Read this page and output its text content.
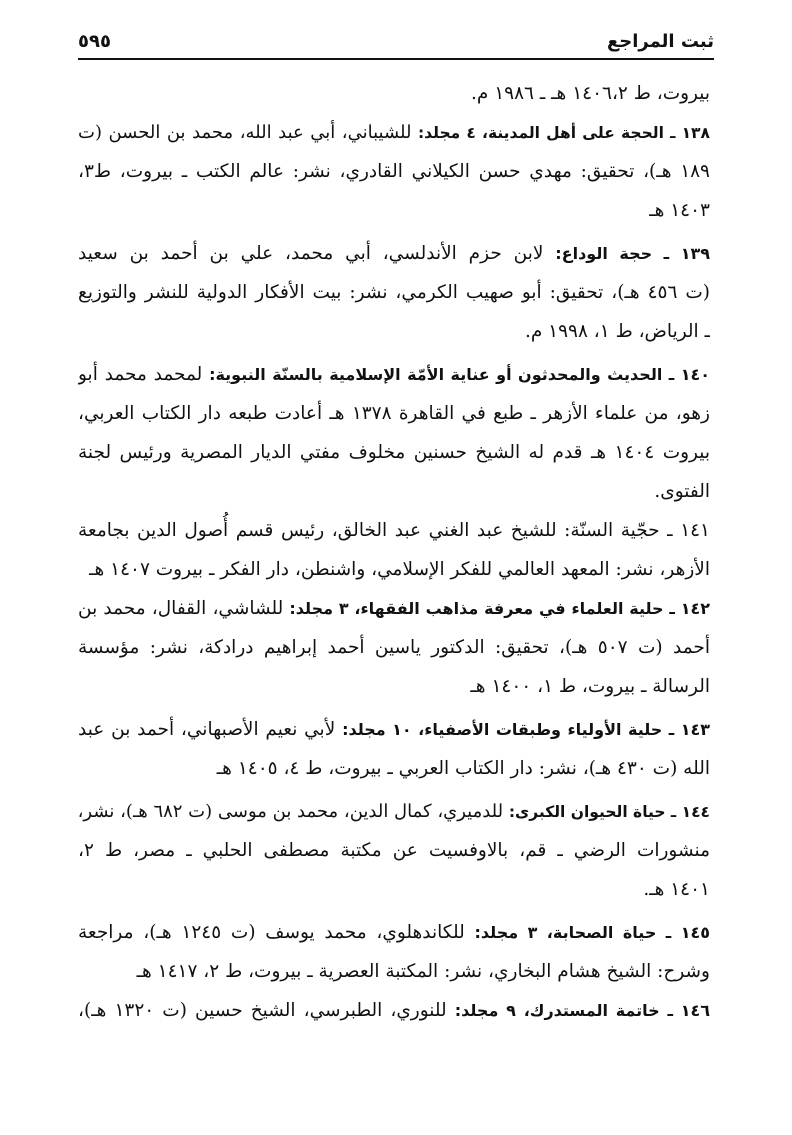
ثبت المراجع
٥٩٥
بيروت، ط ١٤٠٦،٢ هـ ـ ١٩٨٦ م.
١٣٨ ـ الحجة على أهل المدينة، ٤ مجلد: للشيباني، أبي عبد الله، محمد بن الحسن (ت
١٨٩ هـ)، تحقيق: مهدي حسن الكيلاني القادري، نشر: عالم الكتب ـ بيروت، ط٣،
١٤٠٣ هـ
١٣٩ ـ حجة الوداع: لابن حزم الأندلسي، أبي محمد، علي بن أحمد بن سعيد
(ت ٤٥٦ هـ)، تحقيق: أبو صهيب الكرمي، نشر: بيت الأفكار الدولية للنشر والتوزيع
ـ الرياض، ط ١، ١٩٩٨ م.
١٤٠ ـ الحديث والمحدثون أو عناية الأمّة الإسلامية بالسنّة النبوية: لمحمد محمد أبو
زهو، من علماء الأزهر ـ طبع في القاهرة ١٣٧٨ هـ أعادت طبعه دار الكتاب العربي،
بيروت ١٤٠٤ هـ قدم له الشيخ حسنين مخلوف مفتي الديار المصرية ورئيس لجنة
الفتوى.
١٤١ ـ حجّية السنّة: للشيخ عبد الغني عبد الخالق، رئيس قسم أُصول الدين بجامعة
الأزهر، نشر: المعهد العالمي للفكر الإسلامي، واشنطن، دار الفكر ـ بيروت ١٤٠٧ هـ
١٤٢ ـ حلية العلماء في معرفة مذاهب الفقهاء، ٣ مجلد: للشاشي، القفال، محمد بن
أحمد (ت ٥٠٧ هـ)، تحقيق: الدكتور ياسين أحمد إبراهيم درادكة، نشر: مؤسسة
الرسالة ـ بيروت، ط ١، ١٤٠٠ هـ
١٤٣ ـ حلية الأولياء وطبقات الأصفياء، ١٠ مجلد: لأبي نعيم الأصبهاني، أحمد بن عبد
الله (ت ٤٣٠ هـ)، نشر: دار الكتاب العربي ـ بيروت، ط ٤، ١٤٠٥ هـ
١٤٤ ـ حياة الحيوان الكبرى: للدميري، كمال الدين، محمد بن موسى (ت ٦٨٢ هـ)، نشر،
منشورات الرضي ـ قم، بالاوفسيت عن مكتبة مصطفى الحلبي ـ مصر، ط ٢،
١٤٠١ هـ.
١٤٥ ـ حياة الصحابة، ٣ مجلد: للكاندهلوي، محمد يوسف (ت ١٢٤٥ هـ)، مراجعة
وشرح: الشيخ هشام البخاري، نشر: المكتبة العصرية ـ بيروت، ط ٢، ١٤١٧ هـ
١٤٦ ـ خاتمة المستدرك، ٩ مجلد: للنوري، الطبرسي، الشيخ حسين (ت ١٣٢٠ هـ)،
